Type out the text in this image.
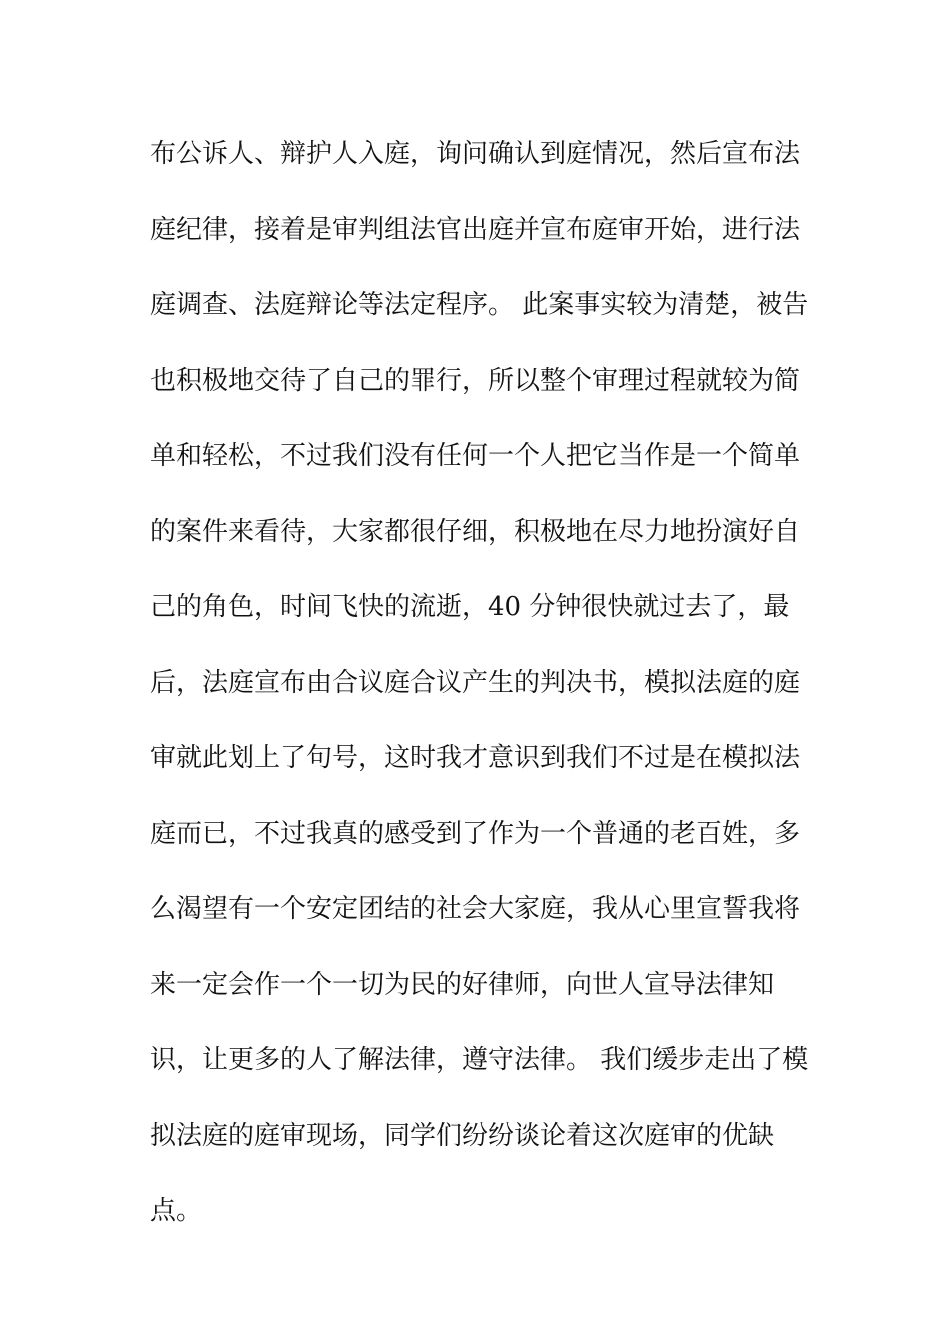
布公诉人、辩护人入庭，询问确认到庭情况，然后宣布法
庭纪律，接着是审判组法官出庭并宣布庭审开始，进行法
庭调查、法庭辩论等法定程序。 此案事实较为清楚，被告
也积极地交待了自己的罪行，所以整个审理过程就较为简
单和轻松，不过我们没有任何一个人把它当作是一个简单
的案件来看待，大家都很仔细，积极地在尽力地扮演好自
己的角色，时间飞快的流逝，40 分钟很快就过去了，最
后，法庭宣布由合议庭合议产生的判决书，模拟法庭的庭
审就此划上了句号，这时我才意识到我们不过是在模拟法
庭而已，不过我真的感受到了作为一个普通的老百姓，多
么渴望有一个安定团结的社会大家庭，我从心里宣誓我将
来一定会作一个一切为民的好律师，向世人宣导法律知
识，让更多的人了解法律，遵守法律。 我们缓步走出了模
拟法庭的庭审现场，同学们纷纷谈论着这次庭审的优缺
点。
